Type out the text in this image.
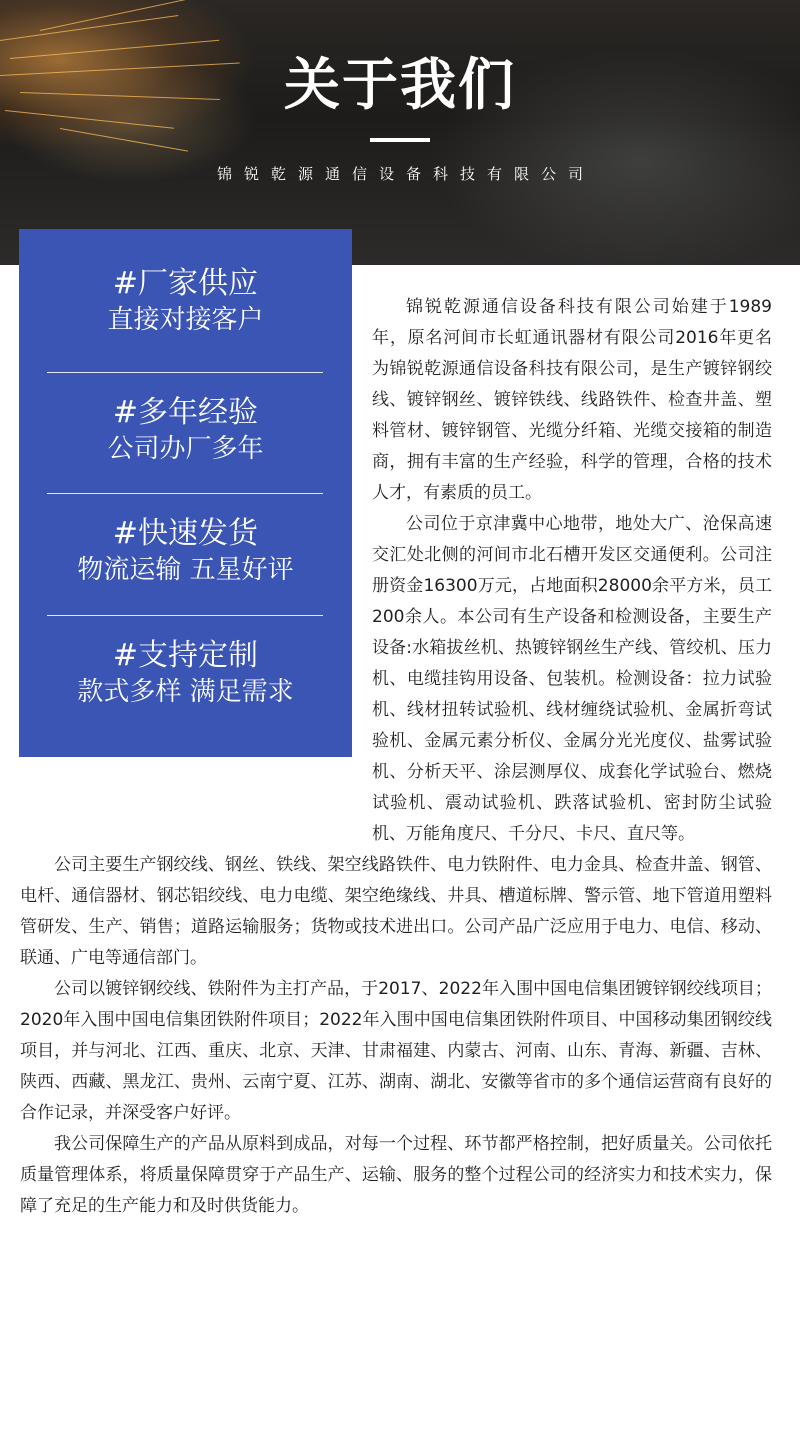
关于我们
锦锐乾源通信设备科技有限公司

锦锐乾源通信设备科技有限公司始建于1989年，原名河间市长虹通讯器材有限公司2016年更名为锦锐乾源通信设备科技有限公司，是生产镀锌钢绞线、镀锌钢丝、镀锌铁线、线路铁件、检查井盖、塑料管材、镀锌钢管、光缆分纤箱、光缆交接箱的制造商，拥有丰富的生产经验，科学的管理，合格的技术人才，有素质的员工。

公司位于京津冀中心地带，地处大广、沧保高速交汇处北侧的河间市北石槽开发区交通便利。公司注册资金16300万元，占地面积28000余平方米，员工200余人。本公司有生产设备和检测设备，主要生产设备:水箱拔丝机、热镀锌钢丝生产线、管绞机、压力机、电缆挂钩用设备、包装机。检测设备：拉力试验机、线材扭转试验机、线材缠绕试验机、金属折弯试验机、金属元素分析仪、金属分光光度仪、盐雾试验机、分析天平、涂层测厚仪、成套化学试验台、燃烧试验机、震动试验机、跌落试验机、密封防尘试验机、万能角度尺、千分尺、卡尺、直尺等。

公司主要生产钢绞线、钢丝、铁线、架空线路铁件、电力铁附件、电力金具、检查井盖、钢管、电杆、通信器材、钢芯铝绞线、电力电缆、架空绝缘线、井具、槽道标牌、警示管、地下管道用塑料管研发、生产、销售；道路运输服务；货物或技术进出口。公司产品广泛应用于电力、电信、移动、联通、广电等通信部门。

公司以镀锌钢绞线、铁附件为主打产品，于2017、2022年入围中国电信集团镀锌钢绞线项目；2020年入围中国电信集团铁附件项目；2022年入围中国电信集团铁附件项目、中国移动集团钢绞线项目，并与河北、江西、重庆、北京、天津、甘肃福建、内蒙古、河南、山东、青海、新疆、吉林、陕西、西藏、黑龙江、贵州、云南宁夏、江苏、湖南、湖北、安徽等省市的多个通信运营商有良好的合作记录，并深受客户好评。

我公司保障生产的产品从原料到成品，对每一个过程、环节都严格控制，把好质量关。公司依托质量管理体系，将质量保障贯穿于产品生产、运输、服务的整个过程公司的经济实力和技术实力，保障了充足的生产能力和及时供货能力。

#厂家供应
直接对接客户
#多年经验
公司办厂多年
#快速发货
物流运输 五星好评
#支持定制
款式多样 满足需求
